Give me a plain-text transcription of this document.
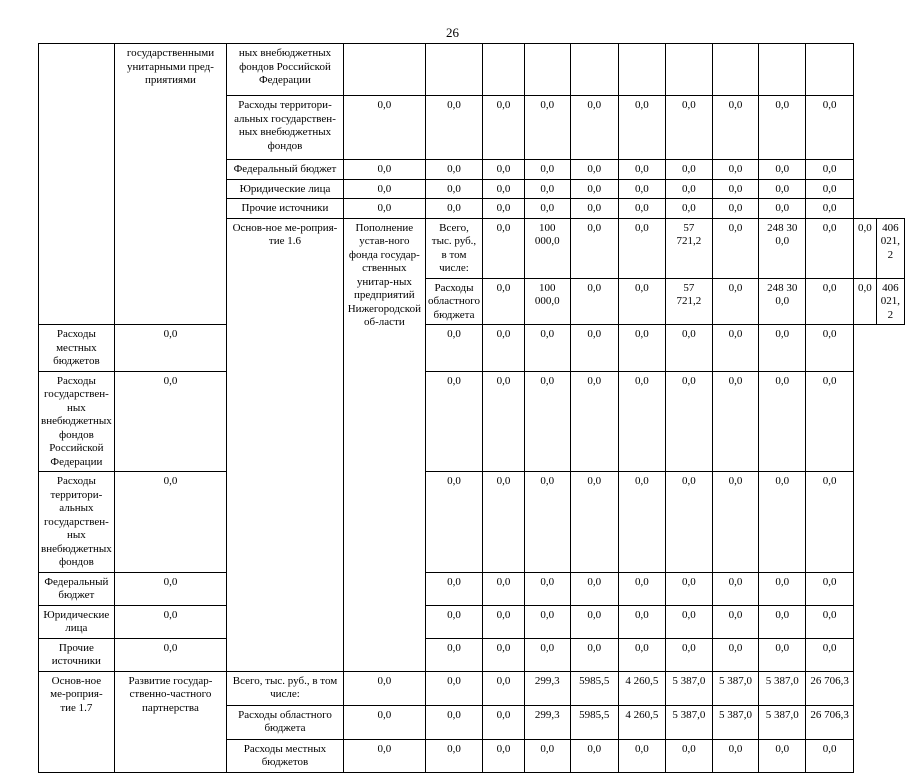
26
	государственными унитарными пред-приятиями	ных внебюджетных фондов Российской Федерации												
		Расходы территори-альных государствен-ных внебюджетных фондов	0,0	0,0	0,0	0,0	0,0	0,0	0,0	0,0	0,0	0,0		
		Федеральный бюджет	0,0	0,0	0,0	0,0	0,0	0,0	0,0	0,0	0,0	0,0		
		Юридические лица	0,0	0,0	0,0	0,0	0,0	0,0	0,0	0,0	0,0	0,0		
		Прочие источники	0,0	0,0	0,0	0,0	0,0	0,0	0,0	0,0	0,0	0,0		
		Основ-ное ме-роприя-тие 1.6	Пополнение устав-ного фонда государ-ственных унитар-ных предприятий Нижегородской об-ласти	Всего, тыс. руб., в том числе:	0,0	100 000,0	0,0	0,0	57 721,2	0,0	248 30 0,0	0,0	0,0	406 021, 2
				Расходы областного бюджета	0,0	100 000,0	0,0	0,0	57 721,2	0,0	248 30 0,0	0,0	0,0	406 021, 2
Расходы местных бюджетов	0,0			0,0	0,0	0,0	0,0	0,0	0,0	0,0	0,0	0,0		
Расходы государствен-ных внебюджетных фондов Российской Федерации	0,0			0,0	0,0	0,0	0,0	0,0	0,0	0,0	0,0	0,0		
Расходы территори-альных государствен-ных внебюджетных фондов	0,0			0,0	0,0	0,0	0,0	0,0	0,0	0,0	0,0	0,0		
Федеральный бюджет	0,0			0,0	0,0	0,0	0,0	0,0	0,0	0,0	0,0	0,0		
Юридические лица	0,0			0,0	0,0	0,0	0,0	0,0	0,0	0,0	0,0	0,0		
Прочие источники	0,0			0,0	0,0	0,0	0,0	0,0	0,0	0,0	0,0	0,0		
Основ-ное ме-роприя-тие 1.7	Развитие государ-ственно-частного партнерства	Всего, тыс. руб., в том числе:	0,0	0,0	0,0	299,3	5985,5	4 260,5	5 387,0	5 387,0	5 387,0	26 706,3		
		Расходы областного бюджета	0,0	0,0	0,0	299,3	5985,5	4 260,5	5 387,0	5 387,0	5 387,0	26 706,3		
		Расходы местных бюджетов	0,0	0,0	0,0	0,0	0,0	0,0	0,0	0,0	0,0	0,0		
